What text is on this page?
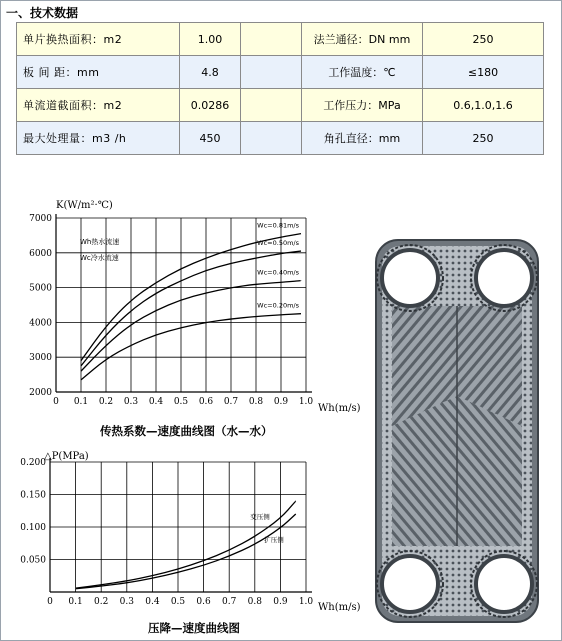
一、技术数据
单片换热面积：m2	1.00		法兰通径：DN mm	250
板 间 距：mm	4.8		工作温度：℃	≤180
单流道截面积：m2	0.0286		工作压力：MPa	0.6,1.0,1.6
最大处理量：m3 /h	450		角孔直径：mm	250
K(W/m²·℃)
Wh(m/s)
Wh热水流速
Wc冷水流速
0 0.1 0.2 0.3 0.4 0.5 0.6 0.7 0.8 0.9 1.0
2000
3000
4000
5000
6000
7000
Wc=0.81m/s
Wc=0.50m/s
Wc=0.40m/s
Wc=0.20m/s
传热系数—速度曲线图（水—水）
△P(MPa)
Wh(m/s)
0 0.1 0.2 0.3 0.4 0.5 0.6 0.7 0.8 0.9 1.0
0.050
0.100
0.150
0.200
变压侧
扩压侧
压降—速度曲线图
